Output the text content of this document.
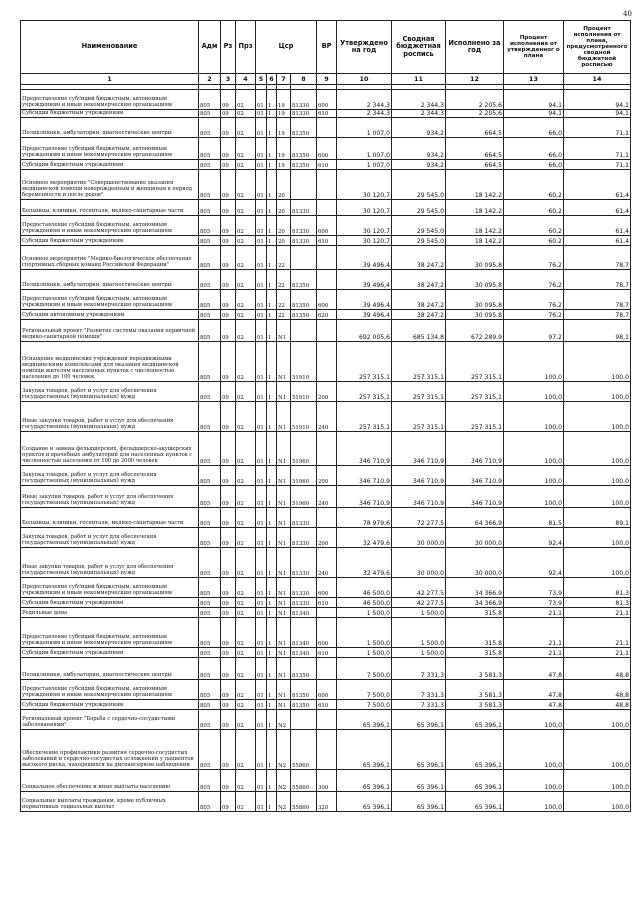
40
Наименование	Адм	Рз	Прз	Цср				ВР	Утверждено на год	Сводная бюджетная роспись	Исполнено за год	Процент исполнения от утвержденног о плана	Процент исполнения от плана, предусмотренного сводной бюджетной росписью
1	2	3	4	5	6	7	8	9	10	11	12	13	14

Предоставление субсидий бюджетным, автономным учреждениям и иным некоммерческим организациям	805	09	02	01	1	19	81330	600	2 344,3	2 344,3	2 205,6	94,1	94,1
Субсидии бюджетным учреждениям	805	09	02	01	1	19	81330	610	2 344,3	2 344,3	2 205,6	94,1	94,1
Поликлиники, амбулатории, диагностические центры	805	09	02	01	1	19	81350		1 007,0	934,2	664,5	66,0	71,1
Предоставление субсидий бюджетным, автономным учреждениям и иным некоммерческим организациям	805	09	02	01	1	19	81350	600	1 007,0	934,2	664,5	66,0	71,1
Субсидии бюджетным учреждениям	805	09	02	01	1	19	81350	610	1 007,0	934,2	664,5	66,0	71,1
Основное мероприятие "Совершенствование оказания медицинской помощи новорожденным и женщинам в период беременности и после родов"	805	09	02	01	1	20			30 120,7	29 545,0	18 142,2	60,2	61,4
Больницы, клиники, госпитали, медико-санитарные части	805	09	02	01	1	20	81330		30 120,7	29 545,0	18 142,2	60,2	61,4
Предоставление субсидий бюджетным, автономным учреждениям и иным некоммерческим организациям	805	09	02	01	1	20	81330	600	30 120,7	29 545,0	18 142,2	60,2	61,4
Субсидии бюджетным учреждениям	805	09	02	01	1	20	81330	610	30 120,7	29 545,0	18 142,2	60,2	61,4
Основное мероприятие "Медико-биологическое обеспечение спортивных сборных команд Российской Федерации"	805	09	02	01	1	22			39 496,4	38 247,2	30 095,8	76,2	78,7
Поликлиники, амбулатории, диагностические центры	805	09	02	01	1	22	81350		39 496,4	38 247,2	30 095,8	76,2	78,7
Предоставление субсидий бюджетным, автономным учреждениям и иным некоммерческим организациям	805	09	02	01	1	22	81350	600	39 496,4	38 247,2	30 095,8	76,2	78,7
Субсидии автономным учреждениям	805	09	02	01	1	22	81350	620	39 496,4	38 247,2	30 095,8	76,2	78,7
Региональный проект "Развитие системы оказания первичной медико-санитарной помощи"	805	09	02	01	1	N1			692 005,6	685 134,8	672 289,9	97,2	98,1
Оснащение медицинских учреждений передвижными медицинскими комплексами для оказания медицинской помощи жителям населенных пунктов с численностью населения до 100 человек	805	09	02	01	1	N1	51910		257 315,1	257 315,1	257 315,1	100,0	100,0
Закупка товаров, работ и услуг для обеспечения государственных (муниципальных) нужд	805	09	02	01	1	N1	51910	200	257 315,1	257 315,1	257 315,1	100,0	100,0
Иные закупки товаров, работ и услуг для обеспечения государственных (муниципальных) нужд	805	09	02	01	1	N1	51910	240	257 315,1	257 315,1	257 315,1	100,0	100,0
Создание и замена фельдшерских, фельдшерско-акушерских пунктов и врачебных амбулаторий для населенных пунктов с численностью населения от 100 до 2000 человек	805	09	02	01	1	N1	51960		346 710,9	346 710,9	346 710,9	100,0	100,0
Закупка товаров, работ и услуг для обеспечения государственных (муниципальных) нужд	805	09	02	01	1	N1	51960	200	346 710,9	346 710,9	346 710,9	100,0	100,0
Иные закупки товаров, работ и услуг для обеспечения государственных (муниципальных) нужд	805	09	02	01	1	N1	51960	240	346 710,9	346 710,9	346 710,9	100,0	100,0
Больницы, клиники, госпитали, медико-санитарные части	805	09	02	01	1	N1	81330		78 979,6	72 277,5	64 366,9	81,5	89,1
Закупка товаров, работ и услуг для обеспечения государственных (муниципальных) нужд	805	09	02	01	1	N1	81330	200	32 479,6	30 000,0	30 000,0	92,4	100,0
Иные закупки товаров, работ и услуг для обеспечения государственных (муниципальных) нужд	805	09	02	01	1	N1	81330	240	32 479,6	30 000,0	30 000,0	92,4	100,0
Предоставление субсидий бюджетным, автономным учреждениям и иным некоммерческим организациям	805	09	02	01	1	N1	81330	600	46 500,0	42 277,5	34 366,9	73,9	81,3
Субсидии бюджетным учреждениям	805	09	02	01	1	N1	81330	610	46 500,0	42 277,5	34 366,9	73,9	81,3
Родильные дома	805	09	02	01	1	N1	81340		1 500,0	1 500,0	315,8	21,1	21,1
Предоставление субсидий бюджетным, автономным учреждениям и иным некоммерческим организациям	805	09	02	01	1	N1	81340	600	1 500,0	1 500,0	315,8	21,1	21,1
Субсидии бюджетным учреждениям	805	09	02	01	1	N1	81340	610	1 500,0	1 500,0	315,8	21,1	21,1
Поликлиники, амбулатории, диагностические центры	805	09	02	01	1	N1	81350		7 500,0	7 331,3	3 581,3	47,8	48,8
Предоставление субсидий бюджетным, автономным учреждениям и иным некоммерческим организациям	805	09	02	01	1	N1	81350	600	7 500,0	7 331,3	3 581,3	47,8	48,8
Субсидии бюджетным учреждениям	805	09	02	01	1	N1	81350	610	7 500,0	7 331,3	3 581,3	47,8	48,8
Региональный проект "Борьба с сердечно-сосудистыми заболеваниями"	805	09	02	01	1	N2			65 396,1	65 396,1	65 396,1	100,0	100,0
Обеспечение профилактики развития сердечно-сосудистых заболеваний и сердечно-сосудистых осложнений у пациентов высокого риска, находящихся на диспансерном наблюдении	805	09	02	01	1	N2	55860		65 396,1	65 396,1	65 396,1	100,0	100,0
Социальное обеспечение и иные выплаты населению	805	09	02	01	1	N2	55860	300	65 396,1	65 396,1	65 396,1	100,0	100,0
Социальные выплаты гражданам, кроме публичных нормативных социальных выплат	805	09	02	01	1	N2	55860	320	65 396,1	65 396,1	65 396,1	100,0	100,0
